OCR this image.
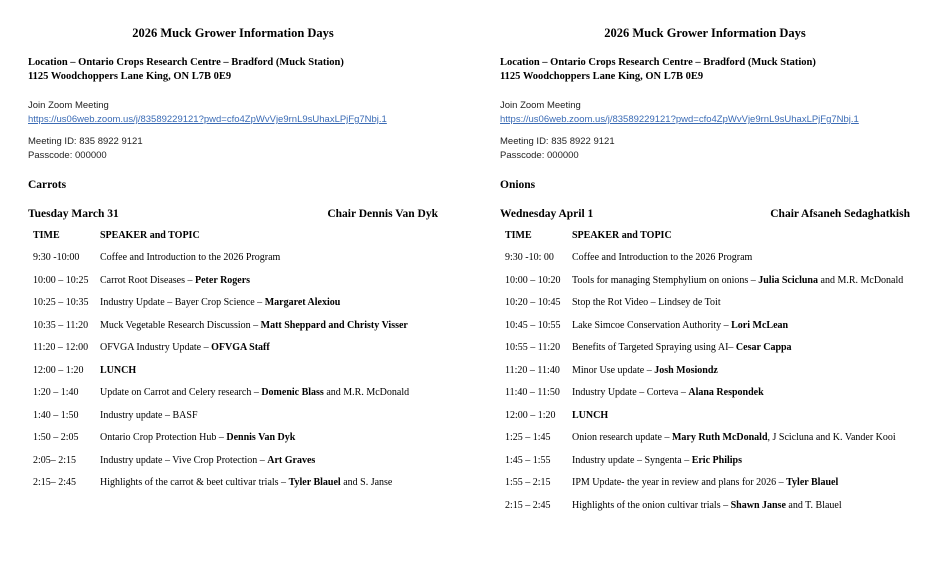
2026 Muck Grower Information Days
Location – Ontario Crops Research Centre – Bradford (Muck Station)
1125 Woodchoppers Lane King, ON L7B 0E9
Join Zoom Meeting
https://us06web.zoom.us/j/83589229121?pwd=cfo4ZpWvVje9rnL9sUhaxLPjFg7Nbj.1
Meeting ID: 835 8922 9121
Passcode: 000000
Carrots
Tuesday March 31	Chair Dennis Van Dyk
TIME	SPEAKER and TOPIC
9:30 -10:00	Coffee and Introduction to the 2026 Program
10:00 – 10:25	Carrot Root Diseases – Peter Rogers
10:25 – 10:35	Industry Update – Bayer Crop Science – Margaret Alexiou
10:35 – 11:20	Muck Vegetable Research Discussion – Matt Sheppard and Christy Visser
11:20 – 12:00	OFVGA Industry Update – OFVGA Staff
12:00 – 1:20	LUNCH
1:20 – 1:40	Update on Carrot and Celery research – Domenic Blass and M.R. McDonald
1:40 – 1:50	Industry update – BASF
1:50 – 2:05	Ontario Crop Protection Hub – Dennis Van Dyk
2:05– 2:15	Industry update – Vive Crop Protection – Art Graves
2:15– 2:45	Highlights of the carrot & beet cultivar trials – Tyler Blauel and S. Janse
2026 Muck Grower Information Days
Location – Ontario Crops Research Centre – Bradford (Muck Station)
1125 Woodchoppers Lane King, ON L7B 0E9
Join Zoom Meeting
https://us06web.zoom.us/j/83589229121?pwd=cfo4ZpWvVje9rnL9sUhaxLPjFg7Nbj.1
Meeting ID: 835 8922 9121
Passcode: 000000
Onions
Wednesday April 1	Chair Afsaneh Sedaghatkish
TIME	SPEAKER and TOPIC
9:30 -10: 00	Coffee and Introduction to the 2026 Program
10:00 – 10:20	Tools for managing Stemphylium on onions – Julia Scicluna and M.R. McDonald
10:20 – 10:45	Stop the Rot Video – Lindsey de Toit
10:45 – 10:55	Lake Simcoe Conservation Authority – Lori McLean
10:55 – 11:20	Benefits of Targeted Spraying using AI– Cesar Cappa
11:20 – 11:40	Minor Use update – Josh Mosiondz
11:40 – 11:50	Industry Update – Corteva – Alana Respondek
12:00 – 1:20	LUNCH
1:25 – 1:45	Onion research update – Mary Ruth McDonald, J Scicluna and K. Vander Kooi
1:45 – 1:55	Industry update – Syngenta – Eric Philips
1:55 – 2:15	IPM Update- the year in review and plans for 2026 – Tyler Blauel
2:15 – 2:45	Highlights of the onion cultivar trials – Shawn Janse and T. Blauel
